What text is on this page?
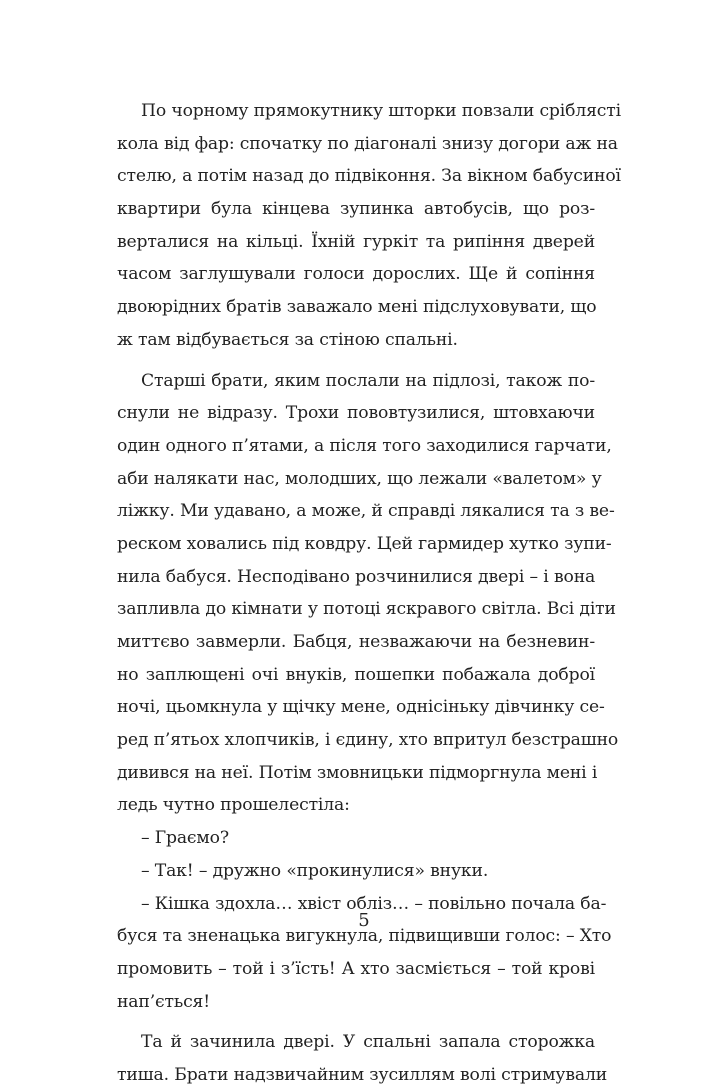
По чорному прямокутнику шторки повзали сріблясті
кола від фар: спочатку по діагоналі знизу догори аж на
стелю, а потім назад до підвіконня. За вікном бабусиної
квартири була кінцева зупинка автобусів, що роз-
верталися на кільці. Їхній гуркіт та рипіння дверей
часом заглушували голоси дорослих. Ще й сопіння
двоюрідних братів заважало мені підслуховувати, що
ж там відбувається за стіною спальні.
Старші брати, яким послали на підлозі, також по-
снули не відразу. Трохи пововтузилися, штовхаючи
один одного п’ятами, а після того заходилися гарчати,
аби налякати нас, молодших, що лежали «валетом» у
ліжку. Ми удавано, а може, й справді лякалися та з ве-
реском ховались під ковдру. Цей гармидер хутко зупи-
нила бабуся. Несподівано розчинилися двері – і вона
запливла до кімнати у потоці яскравого світла. Всі діти
миттєво завмерли. Бабця, незважаючи на безневин-
но заплющені очі внуків, пошепки побажала доброї
ночі, цьомкнула у щічку мене, однісіньку дівчинку се-
ред п’ятьох хлопчиків, і єдину, хто впритул безстрашно
дивився на неї. Потім змовницьки підморгнула мені і
ледь чутно прошелестіла:
– Граємо?
– Так! – дружно «прокинулися» внуки.
– Кішка здохла… хвіст обліз… – повільно почала ба-
буся та зненацька вигукнула, підвищивши голос: – Хто
промовить – той і з’їсть! А хто засміється – той крові
нап’ється!
Та й зачинила двері. У спальні запала сторожка
тиша. Брати надзвичайним зусиллям волі стримували
5
